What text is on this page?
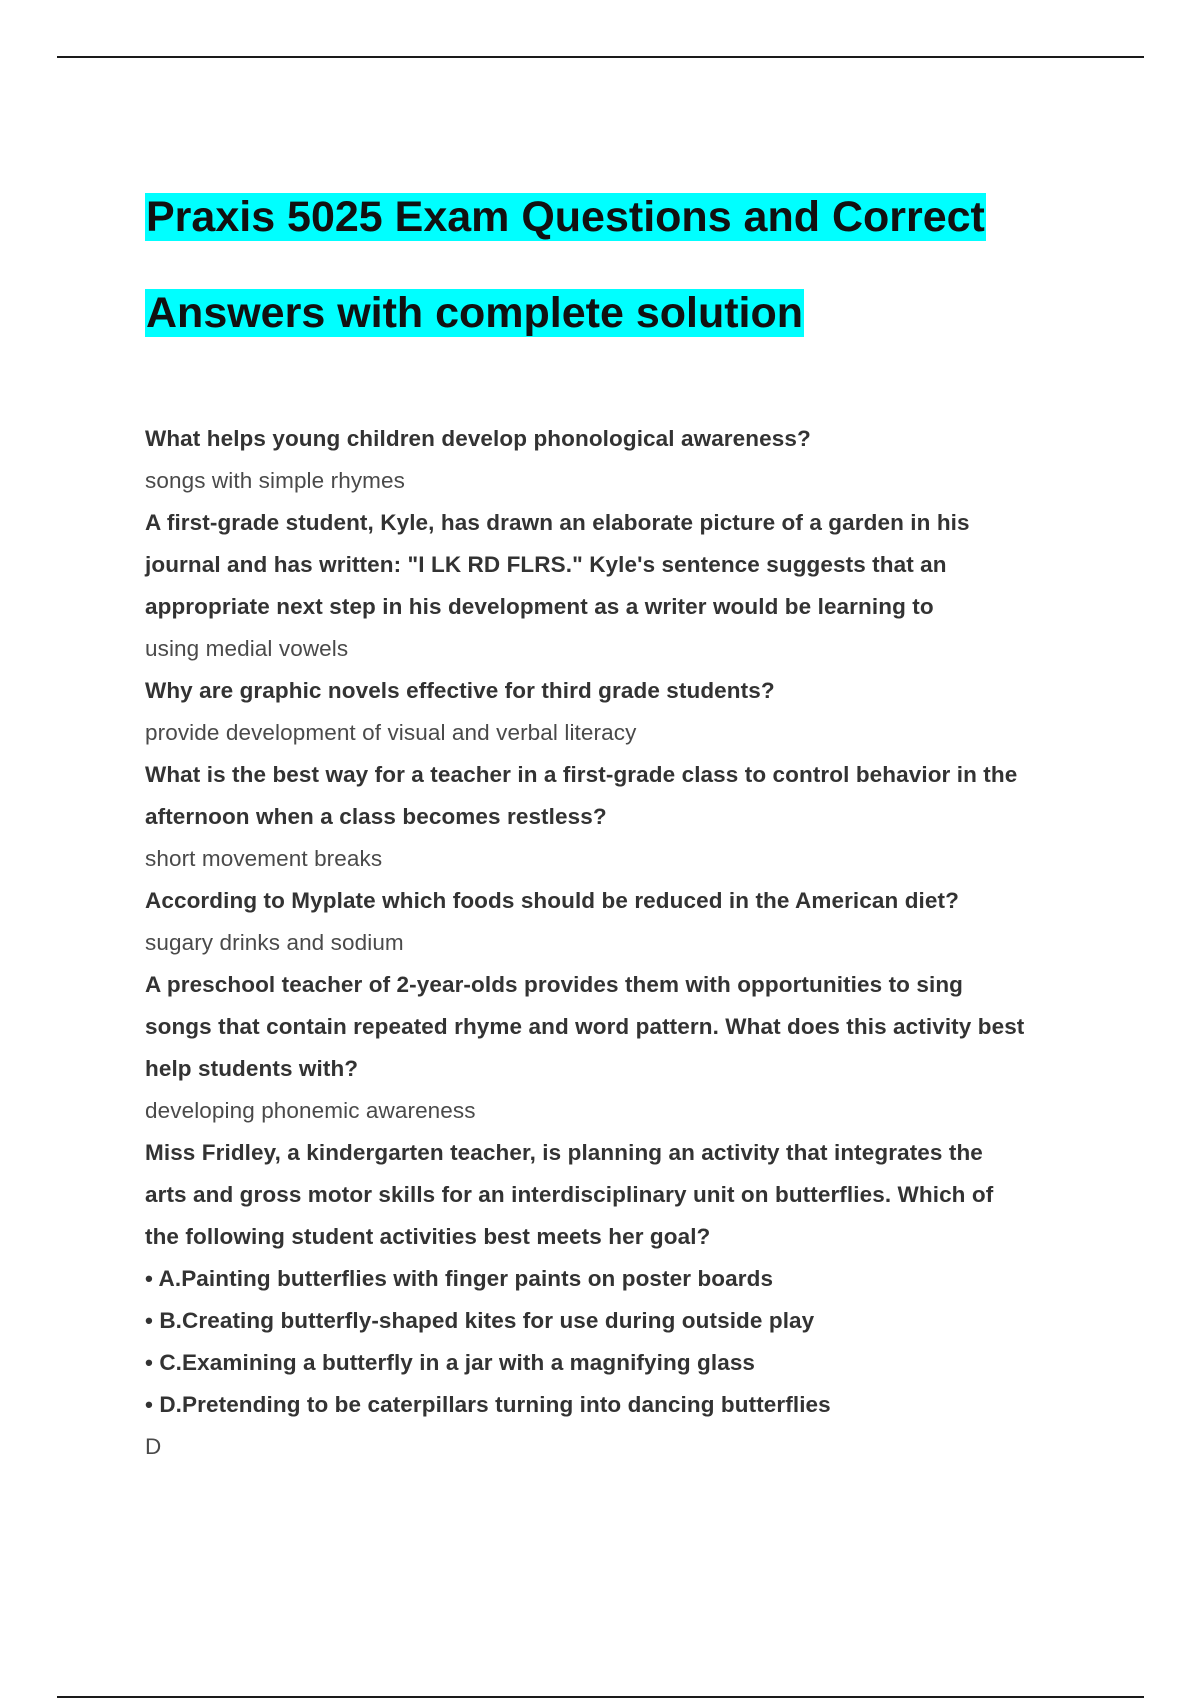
Praxis 5025 Exam Questions and Correct
Answers with complete solution

What helps young children develop phonological awareness?

songs with simple rhymes

A first-grade student, Kyle, has drawn an elaborate picture of a garden in his

journal and has written: "I LK RD FLRS." Kyle's sentence suggests that an

appropriate next step in his development as a writer would be learning to

using medial vowels

Why are graphic novels effective for third grade students?

provide development of visual and verbal literacy

What is the best way for a teacher in a first-grade class to control behavior in the

afternoon when a class becomes restless?

short movement breaks

According to Myplate which foods should be reduced in the American diet?

sugary drinks and sodium

A preschool teacher of 2-year-olds provides them with opportunities to sing

songs that contain repeated rhyme and word pattern. What does this activity best

help students with?

developing phonemic awareness

Miss Fridley, a kindergarten teacher, is planning an activity that integrates the

arts and gross motor skills for an interdisciplinary unit on butterflies. Which of

the following student activities best meets her goal?

• A.Painting butterflies with finger paints on poster boards

• B.Creating butterfly-shaped kites for use during outside play

• C.Examining a butterfly in a jar with a magnifying glass

• D.Pretending to be caterpillars turning into dancing butterflies

D
